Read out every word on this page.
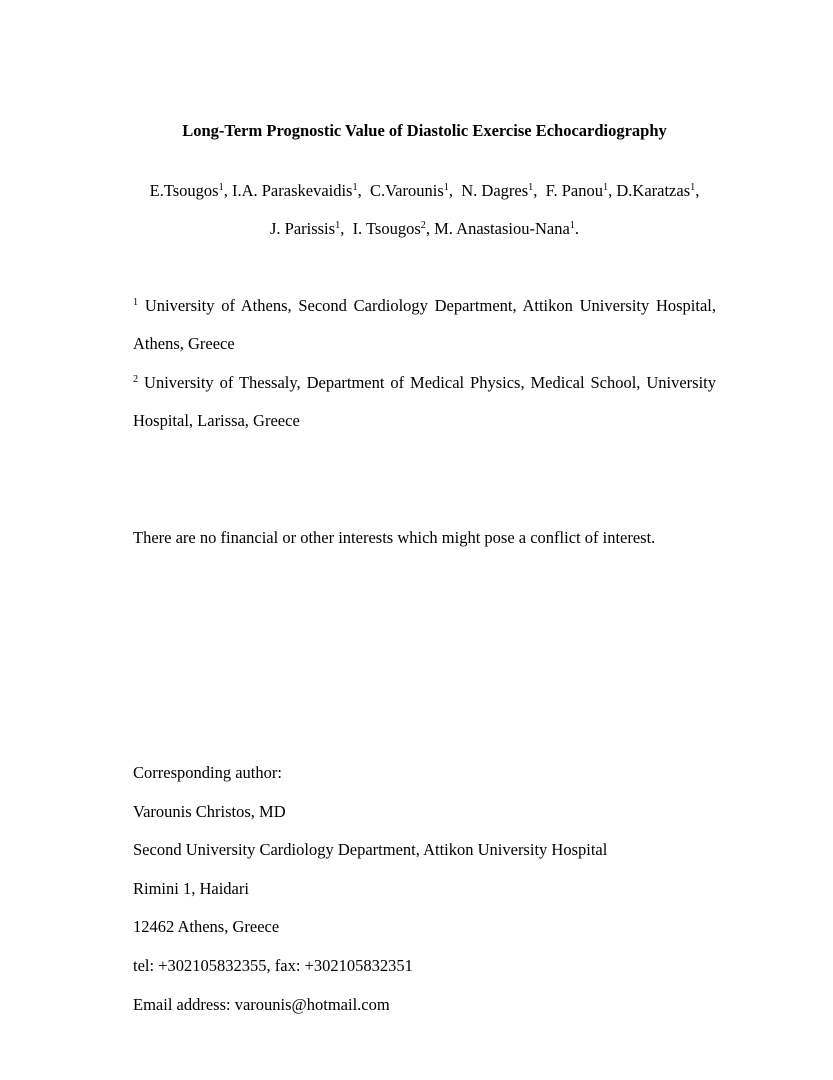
Long-Term Prognostic Value of Diastolic Exercise Echocardiography
E.Tsougos$^1$, I.A. Paraskevaidis$^1$,  C.Varounis$^1$,  N. Dagres$^1$,  F. Panou$^1$, D.Karatzas$^1$,
J. Parissis$^1$,  I. Tsougos$^2$, M. Anastasiou-Nana$^1$.
$^1$ University of Athens, Second Cardiology Department, Attikon University Hospital,
Athens, Greece
$^2$ University of Thessaly, Department of Medical Physics, Medical School, University
Hospital, Larissa, Greece
There are no financial or other interests which might pose a conflict of interest.
Corresponding author:
Varounis Christos, MD
Second University Cardiology Department, Attikon University Hospital
Rimini 1, Haidari
12462 Athens, Greece
tel: +302105832355, fax: +302105832351
Email address: varounis@hotmail.com
